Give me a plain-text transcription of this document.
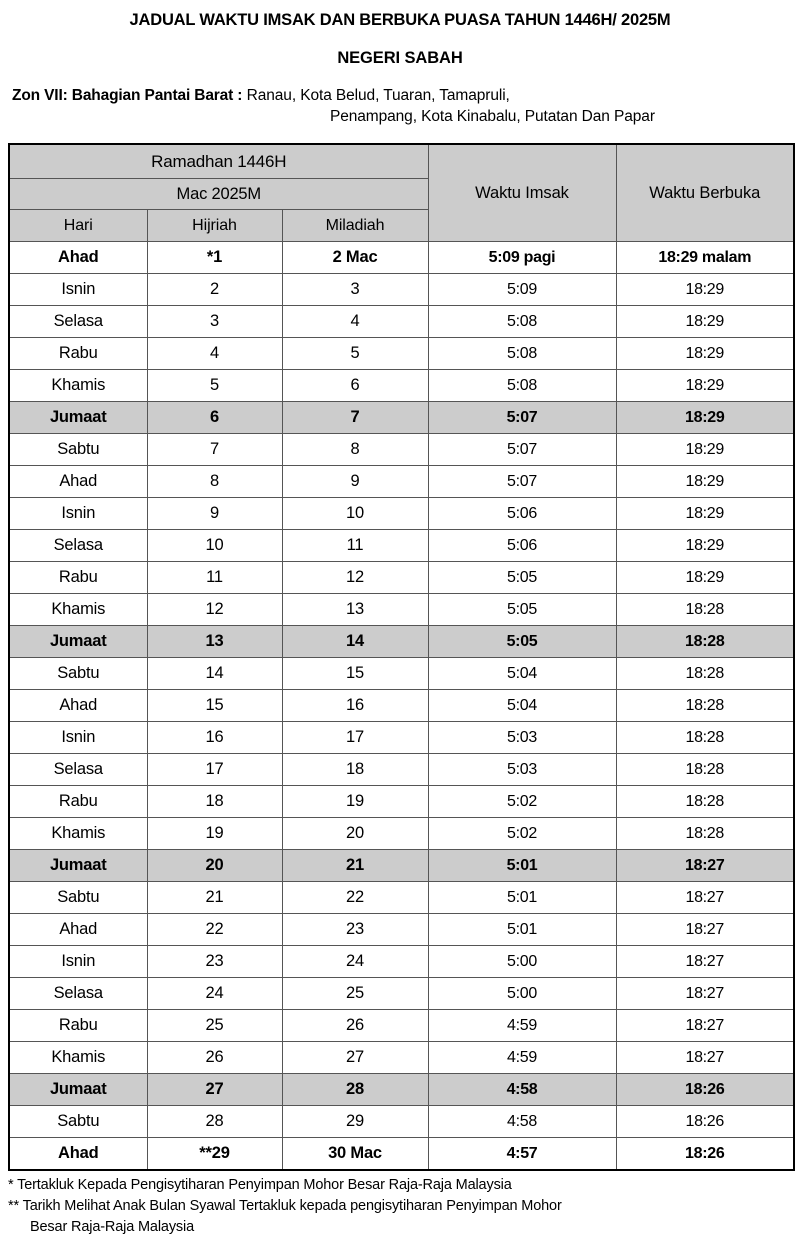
JADUAL WAKTU IMSAK DAN BERBUKA PUASA TAHUN 1446H/ 2025M
NEGERI SABAH
Zon VII: Bahagian Pantai Barat : Ranau, Kota Belud, Tuaran, Tamapruli,
Penampang, Kota Kinabalu, Putatan Dan Papar
Ramadhan 1446H			Waktu Imsak	Waktu Berbuka
Mac 2025M				
Hari	Hijriah	Miladiah		
Ahad	*1	2 Mac	5:09 pagi	18:29 malam
Isnin	2	3	5:09	18:29
Selasa	3	4	5:08	18:29
Rabu	4	5	5:08	18:29
Khamis	5	6	5:08	18:29
Jumaat	6	7	5:07	18:29
Sabtu	7	8	5:07	18:29
Ahad	8	9	5:07	18:29
Isnin	9	10	5:06	18:29
Selasa	10	11	5:06	18:29
Rabu	11	12	5:05	18:29
Khamis	12	13	5:05	18:28
Jumaat	13	14	5:05	18:28
Sabtu	14	15	5:04	18:28
Ahad	15	16	5:04	18:28
Isnin	16	17	5:03	18:28
Selasa	17	18	5:03	18:28
Rabu	18	19	5:02	18:28
Khamis	19	20	5:02	18:28
Jumaat	20	21	5:01	18:27
Sabtu	21	22	5:01	18:27
Ahad	22	23	5:01	18:27
Isnin	23	24	5:00	18:27
Selasa	24	25	5:00	18:27
Rabu	25	26	4:59	18:27
Khamis	26	27	4:59	18:27
Jumaat	27	28	4:58	18:26
Sabtu	28	29	4:58	18:26
Ahad	**29	30 Mac	4:57	18:26
* Tertakluk Kepada Pengisytiharan Penyimpan Mohor Besar Raja-Raja Malaysia
** Tarikh Melihat Anak Bulan Syawal Tertakluk kepada pengisytiharan Penyimpan Mohor
Besar Raja-Raja Malaysia
